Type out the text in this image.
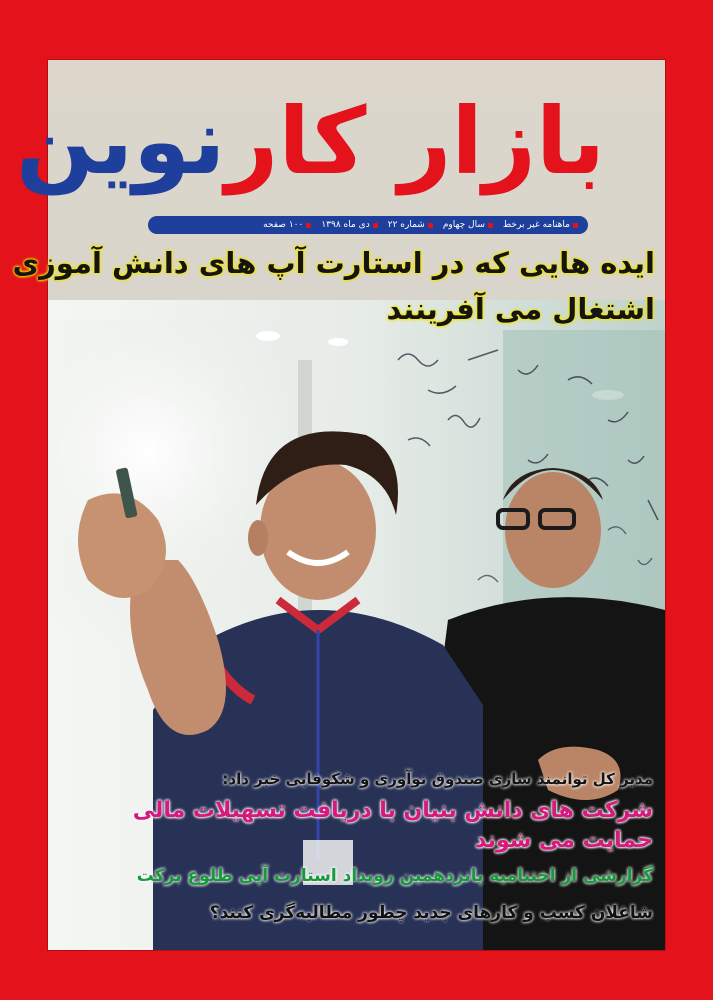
بازار کارنوین
ماهنامه غیر برخط
سال چهاوم
شماره ۲۲
دی ماه ۱۳۹۸
۱۰۰ صفحه
ایده هایی که در استارت آپ های دانش آموزی
اشتغال می آفرینند
مدیر کل توانمند سازی صندوق نوآوری و شکوفایی خبر داد:
شرکت های دانش بنیان با دریافت تسهیلات مالی
حمایت می شوند
گزارشی از اختتامیه پانزدهمین رویداد استارت آپی طلوع برکت
شاغلان کسب و کارهای جدید چطور مطالبه‌گری کنند؟
